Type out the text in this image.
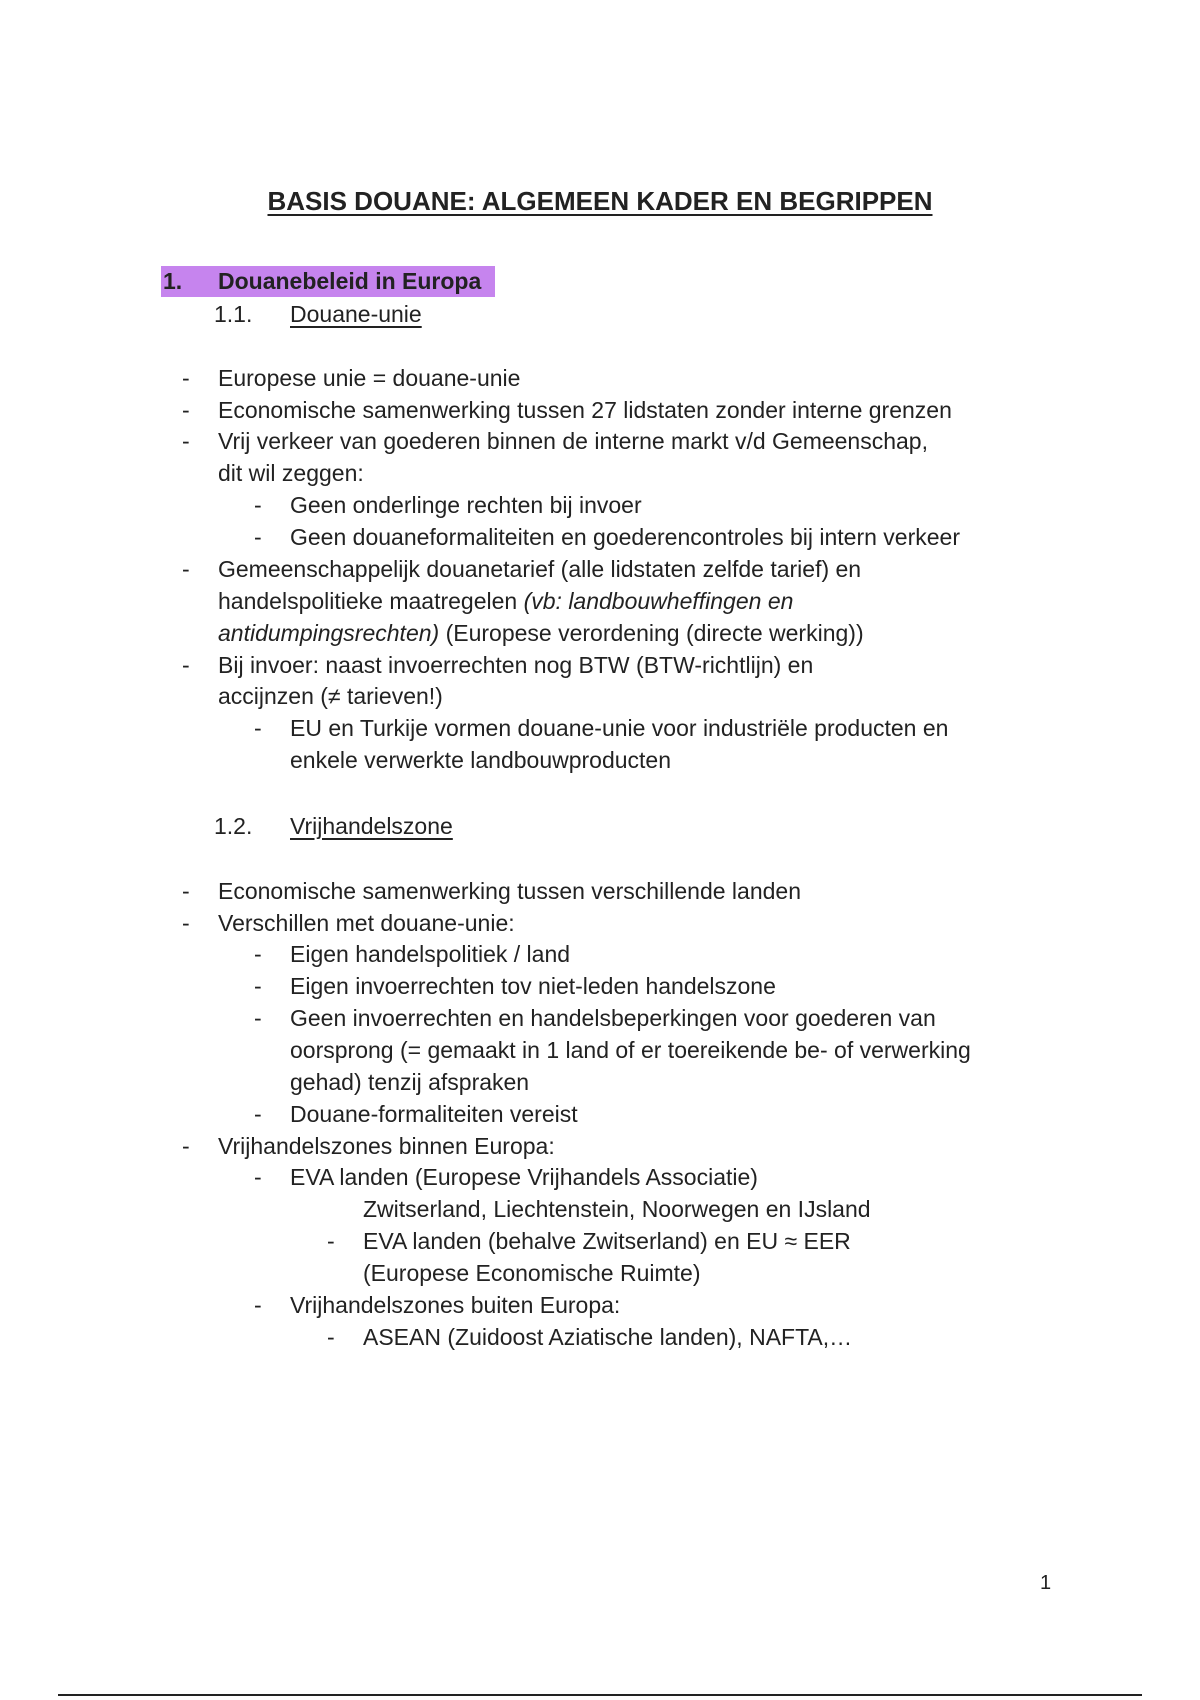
BASIS DOUANE: ALGEMEEN KADER EN BEGRIPPEN
1. Douanebeleid in Europa
1.1. Douane-unie
- Europese unie = douane-unie
- Economische samenwerking tussen 27 lidstaten zonder interne grenzen
- Vrij verkeer van goederen binnen de interne markt v/d Gemeenschap,
dit wil zeggen:
- Geen onderlinge rechten bij invoer
- Geen douaneformaliteiten en goederencontroles bij intern verkeer
- Gemeenschappelijk douanetarief (alle lidstaten zelfde tarief) en
handelspolitieke maatregelen (vb: landbouwheffingen en
antidumpingsrechten) (Europese verordening (directe werking))
- Bij invoer: naast invoerrechten nog BTW (BTW-richtlijn) en
accijnzen (≠ tarieven!)
- EU en Turkije vormen douane-unie voor industriële producten en
enkele verwerkte landbouwproducten
1.2. Vrijhandelszone
- Economische samenwerking tussen verschillende landen
- Verschillen met douane-unie:
- Eigen handelspolitiek / land
- Eigen invoerrechten tov niet-leden handelszone
- Geen invoerrechten en handelsbeperkingen voor goederen van
oorsprong (= gemaakt in 1 land of er toereikende be- of verwerking
gehad) tenzij afspraken
- Douane-formaliteiten vereist
- Vrijhandelszones binnen Europa:
- EVA landen (Europese Vrijhandels Associatie)
Zwitserland, Liechtenstein, Noorwegen en IJsland
- EVA landen (behalve Zwitserland) en EU ≈ EER
(Europese Economische Ruimte)
- Vrijhandelszones buiten Europa:
- ASEAN (Zuidoost Aziatische landen), NAFTA,…
1
